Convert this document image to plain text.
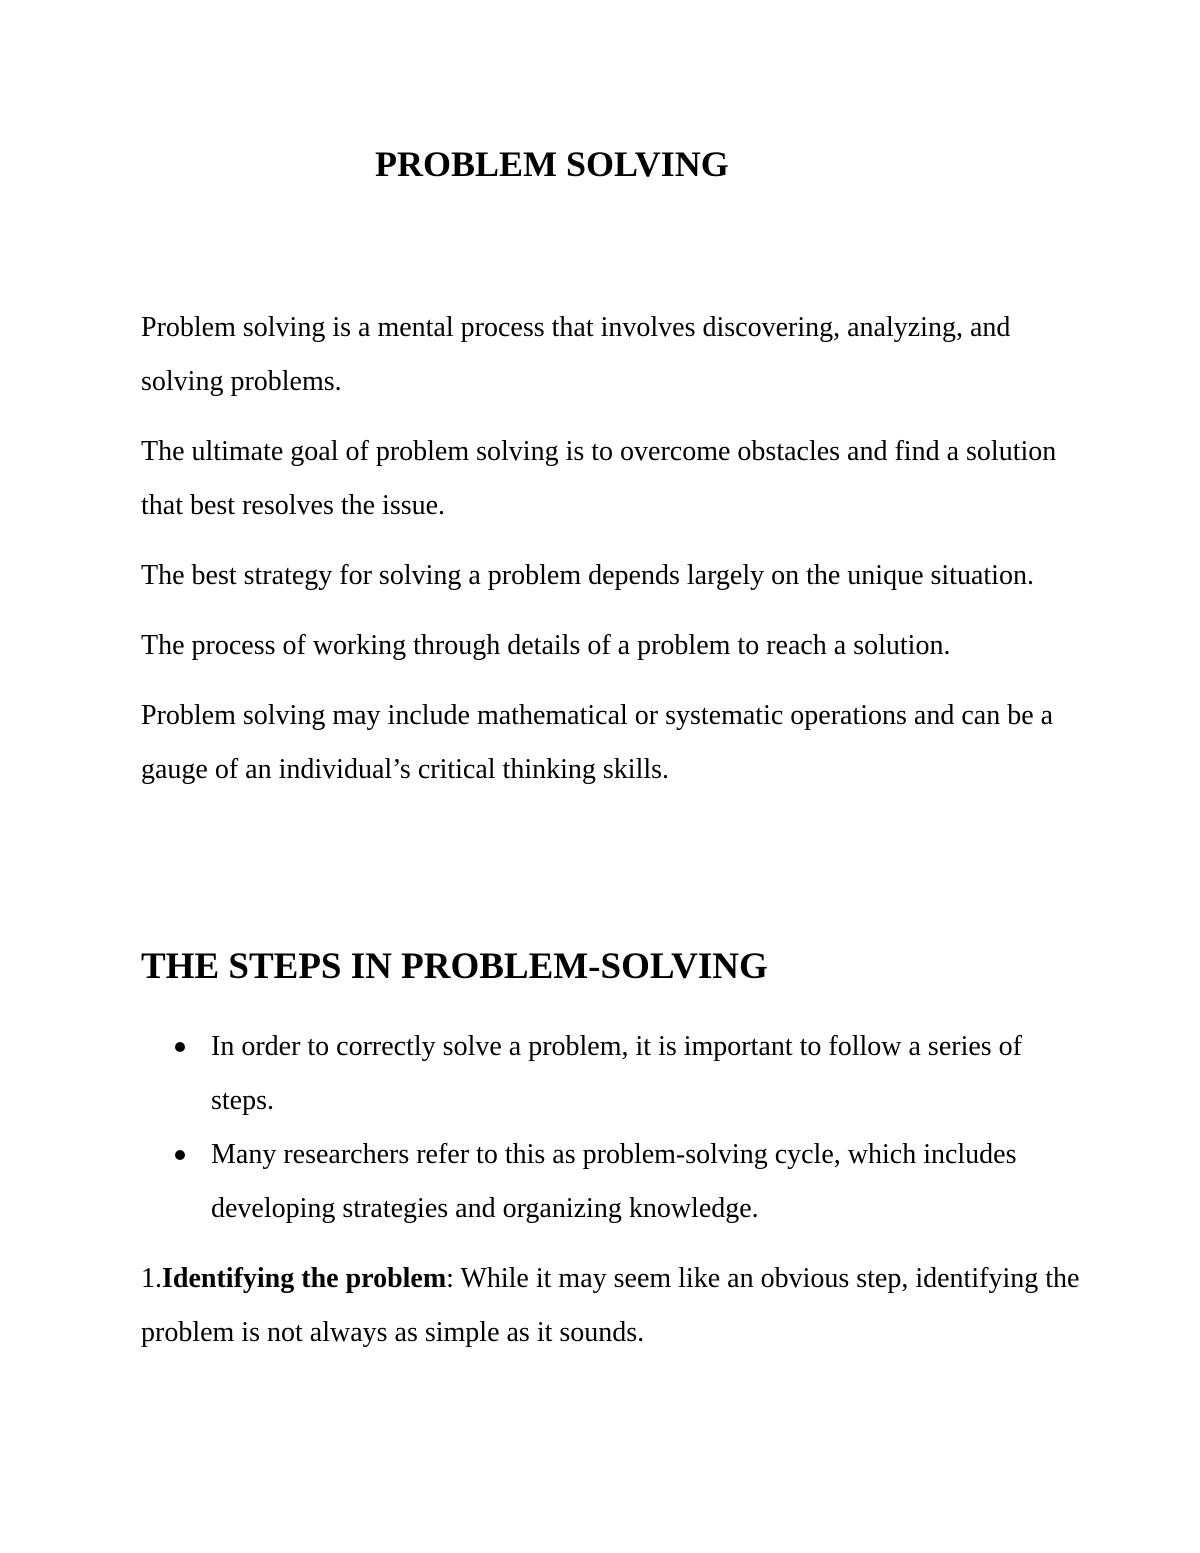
PROBLEM SOLVING

Problem solving is a mental process that involves discovering, analyzing, and solving problems.

The ultimate goal of problem solving is to overcome obstacles and find a solution that best resolves the issue.

The best strategy for solving a problem depends largely on the unique situation.

The process of working through details of a problem to reach a solution.

Problem solving may include mathematical or systematic operations and can be a gauge of an individual’s critical thinking skills.

THE STEPS IN PROBLEM-SOLVING
In order to correctly solve a problem, it is important to follow a series of steps.
Many researchers refer to this as problem-solving cycle, which includes developing strategies and organizing knowledge.

1.Identifying the problem: While it may seem like an obvious step, identifying the problem is not always as simple as it sounds.
